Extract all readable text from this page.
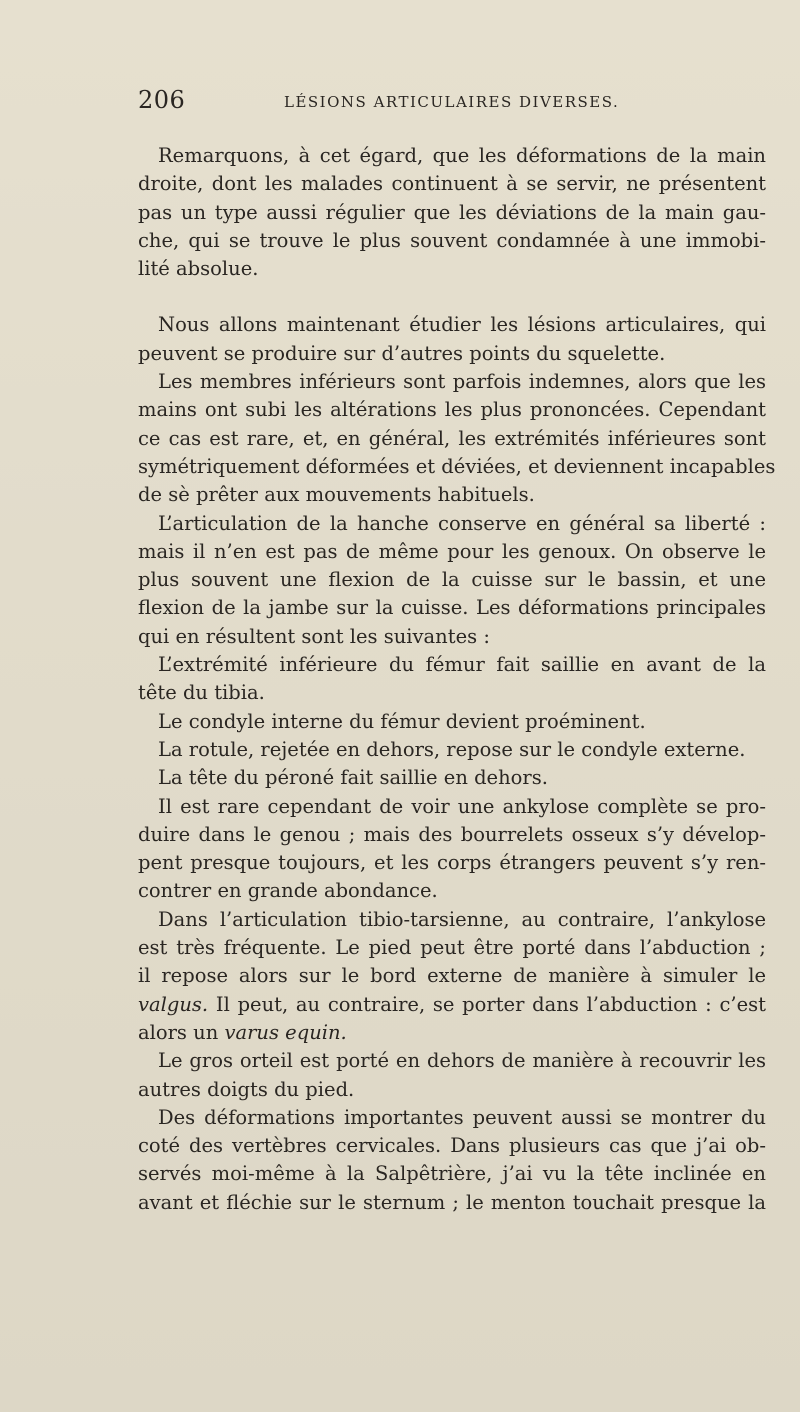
206	LÉSIONS ARTICULAIRES DIVERSES.
Remarquons, à cet égard, que les déformations de la main
droite, dont les malades continuent à se servir, ne présentent
pas un type aussi régulier que les déviations de la main gau-
che, qui se trouve le plus souvent condamnée à une immobi-
lité absolue.
Nous allons maintenant étudier les lésions articulaires, qui
peuvent se produire sur d’autres points du squelette.
Les membres inférieurs sont parfois indemnes, alors que les
mains ont subi les altérations les plus prononcées. Cependant
ce cas est rare, et, en général, les extrémités inférieures sont
symétriquement déformées et déviées, et deviennent incapables
de sè prêter aux mouvements habituels.
L’articulation de la hanche conserve en général sa liberté :
mais il n’en est pas de même pour les genoux. On observe le
plus souvent une flexion de la cuisse sur le bassin, et une
flexion de la jambe sur la cuisse. Les déformations principales
qui en résultent sont les suivantes :
L’extrémité inférieure du fémur fait saillie en avant de la
tête du tibia.
Le condyle interne du fémur devient proéminent.
La rotule, rejetée en dehors, repose sur le condyle externe.
La tête du péroné fait saillie en dehors.
Il est rare cependant de voir une ankylose complète se pro-
duire dans le genou ; mais des bourrelets osseux s’y dévelop-
pent presque toujours, et les corps étrangers peuvent s’y ren-
contrer en grande abondance.
Dans l’articulation tibio-tarsienne, au contraire, l’ankylose
est très fréquente. Le pied peut être porté dans l’abduction ;
il repose alors sur le bord externe de manière à simuler le
valgus. Il peut, au contraire, se porter dans l’abduction : c’est
alors un varus equin.
Le gros orteil est porté en dehors de manière à recouvrir les
autres doigts du pied.
Des déformations importantes peuvent aussi se montrer du
coté des vertèbres cervicales. Dans plusieurs cas que j’ai ob-
servés moi-même à la Salpêtrière, j’ai vu la tête inclinée en
avant et fléchie sur le sternum ; le menton touchait presque la
